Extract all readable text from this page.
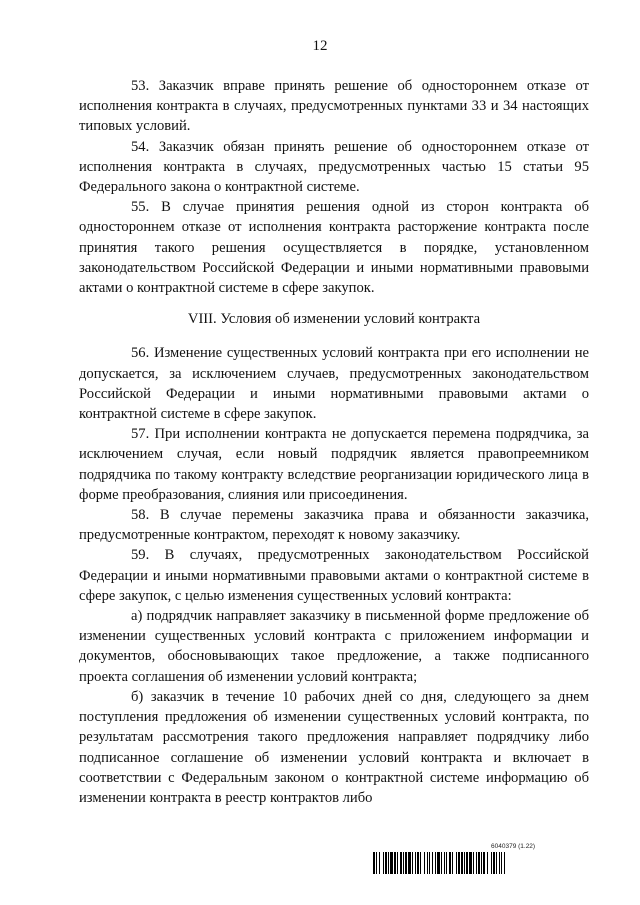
12

53. Заказчик вправе принять решение об одностороннем отказе от исполнения контракта в случаях, предусмотренных пунктами 33 и 34 настоящих типовых условий.

54. Заказчик обязан принять решение об одностороннем отказе от исполнения контракта в случаях, предусмотренных частью 15 статьи 95 Федерального закона о контрактной системе.

55. В случае принятия решения одной из сторон контракта об одностороннем отказе от исполнения контракта расторжение контракта после принятия такого решения осуществляется в порядке, установленном законодательством Российской Федерации и иными нормативными правовыми актами о контрактной системе в сфере закупок.

VIII. Условия об изменении условий контракта

56. Изменение существенных условий контракта при его исполнении не допускается, за исключением случаев, предусмотренных законодательством Российской Федерации и иными нормативными правовыми актами о контрактной системе в сфере закупок.

57. При исполнении контракта не допускается перемена подрядчика, за исключением случая, если новый подрядчик является правопреемником подрядчика по такому контракту вследствие реорганизации юридического лица в форме преобразования, слияния или присоединения.

58. В случае перемены заказчика права и обязанности заказчика, предусмотренные контрактом, переходят к новому заказчику.

59. В случаях, предусмотренных законодательством Российской Федерации и иными нормативными правовыми актами о контрактной системе в сфере закупок, с целью изменения существенных условий контракта:

а) подрядчик направляет заказчику в письменной форме предложение об изменении существенных условий контракта с приложением информации и документов, обосновывающих такое предложение, а также подписанного проекта соглашения об изменении условий контракта;

б) заказчик в течение 10 рабочих дней со дня, следующего за днем поступления предложения об изменении существенных условий контракта, по результатам рассмотрения такого предложения направляет подрядчику либо подписанное соглашение об изменении условий контракта и включает в соответствии с Федеральным законом о контрактной системе информацию об изменении контракта в реестр контрактов либо

6040379 (1.22)
